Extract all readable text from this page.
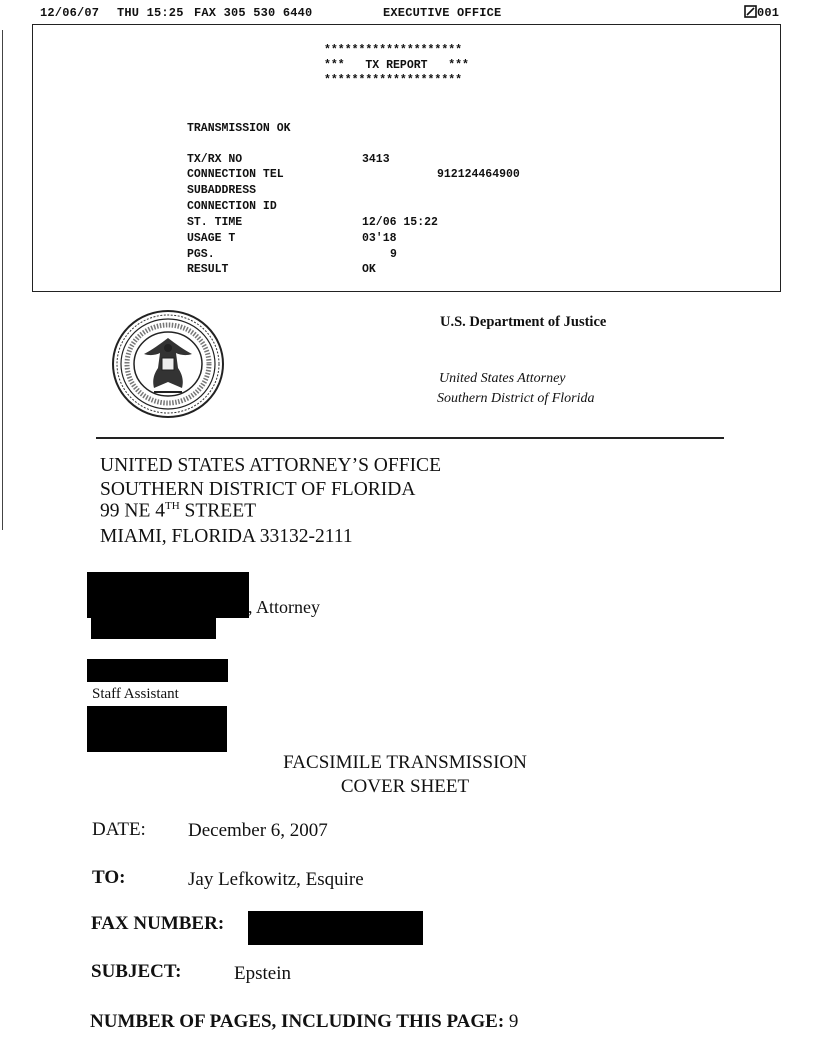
12/06/07 THU 15:25 FAX 305 530 6440	EXECUTIVE OFFICE	001
********************
***   TX REPORT   ***
********************
TRANSMISSION OK
TX/RX NO	3413
CONNECTION TEL	912124464900
SUBADDRESS
CONNECTION ID
ST. TIME	12/06 15:22
USAGE T	03'18
PGS.	9
RESULT	OK
U.S. Department of Justice
United States Attorney
Southern District of Florida
UNITED STATES ATTORNEY’S OFFICE
SOUTHERN DISTRICT OF FLORIDA
99 NE 4TH STREET
MIAMI, FLORIDA 33132-2111
, Attorney
Staff Assistant
FACSIMILE TRANSMISSION
COVER SHEET
DATE: December 6, 2007
TO:	Jay Lefkowitz, Esquire
FAX NUMBER:
SUBJECT:	Epstein
NUMBER OF PAGES, INCLUDING THIS PAGE: 9
